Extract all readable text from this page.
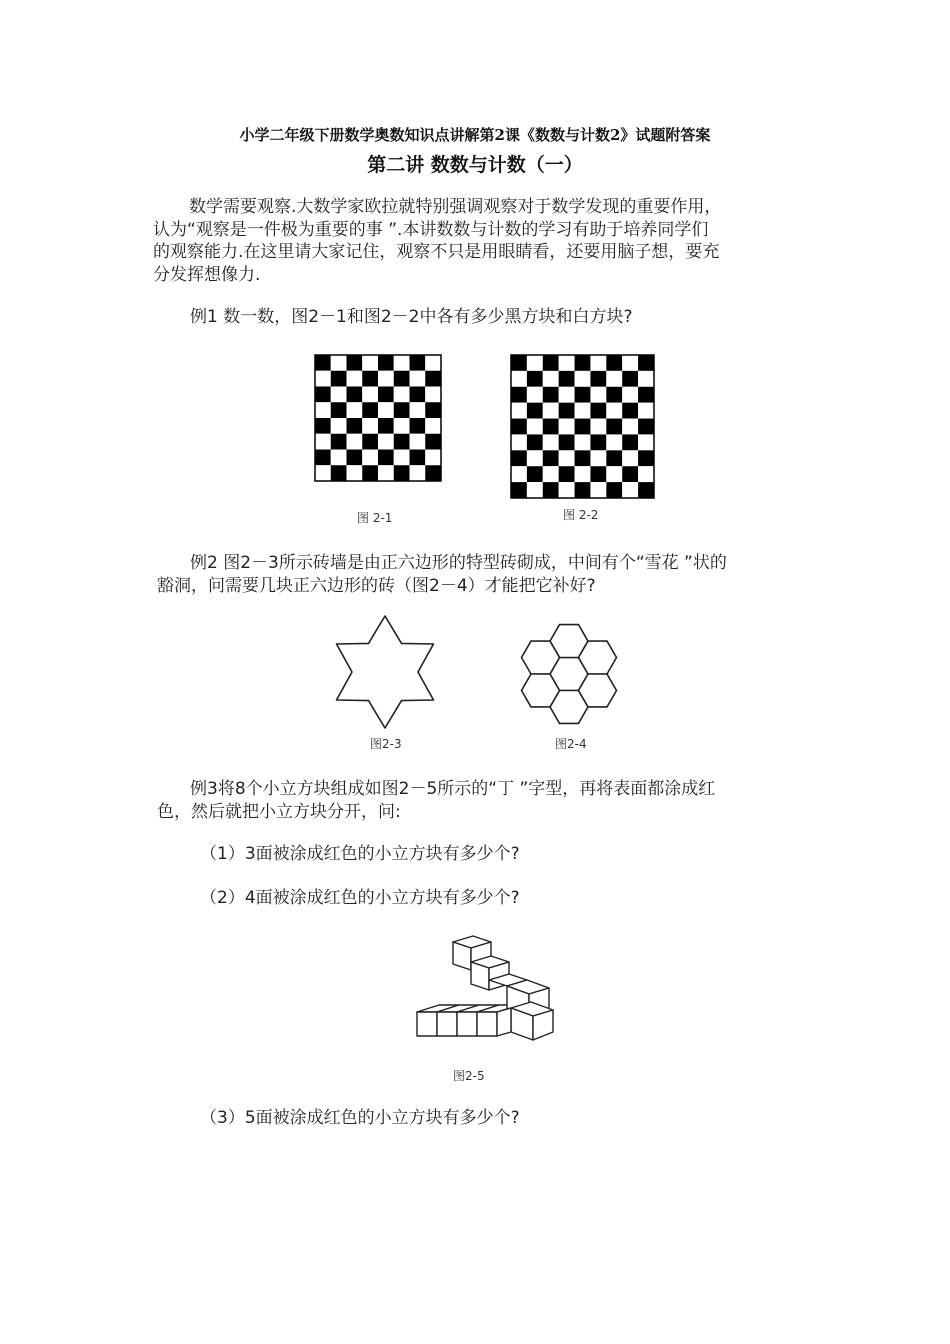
小学二年级下册数学奥数知识点讲解第2课《数数与计数2》试题附答案
第二讲 数数与计数（一）
数学需要观察.大数学家欧拉就特别强调观察对于数学发现的重要作用，
认为“观察是一件极为重要的事 ”.本讲数数与计数的学习有助于培养同学们
的观察能力.在这里请大家记住，观察不只是用眼睛看，还要用脑子想，要充
分发挥想像力.
例1 数一数，图2－1和图2－2中各有多少黑方块和白方块?
图 2-1	图 2-2
例2 图2－3所示砖墙是由正六边形的特型砖砌成，中间有个“雪花 ”状的
豁洞，问需要几块正六边形的砖（图2－4）才能把它补好?
图2-3	图2-4
例3将8个小立方块组成如图2－5所示的“丁 ”字型，再将表面都涂成红
色，然后就把小立方块分开，问:
（1）3面被涂成红色的小立方块有多少个?
（2）4面被涂成红色的小立方块有多少个?
图2-5
（3）5面被涂成红色的小立方块有多少个?
